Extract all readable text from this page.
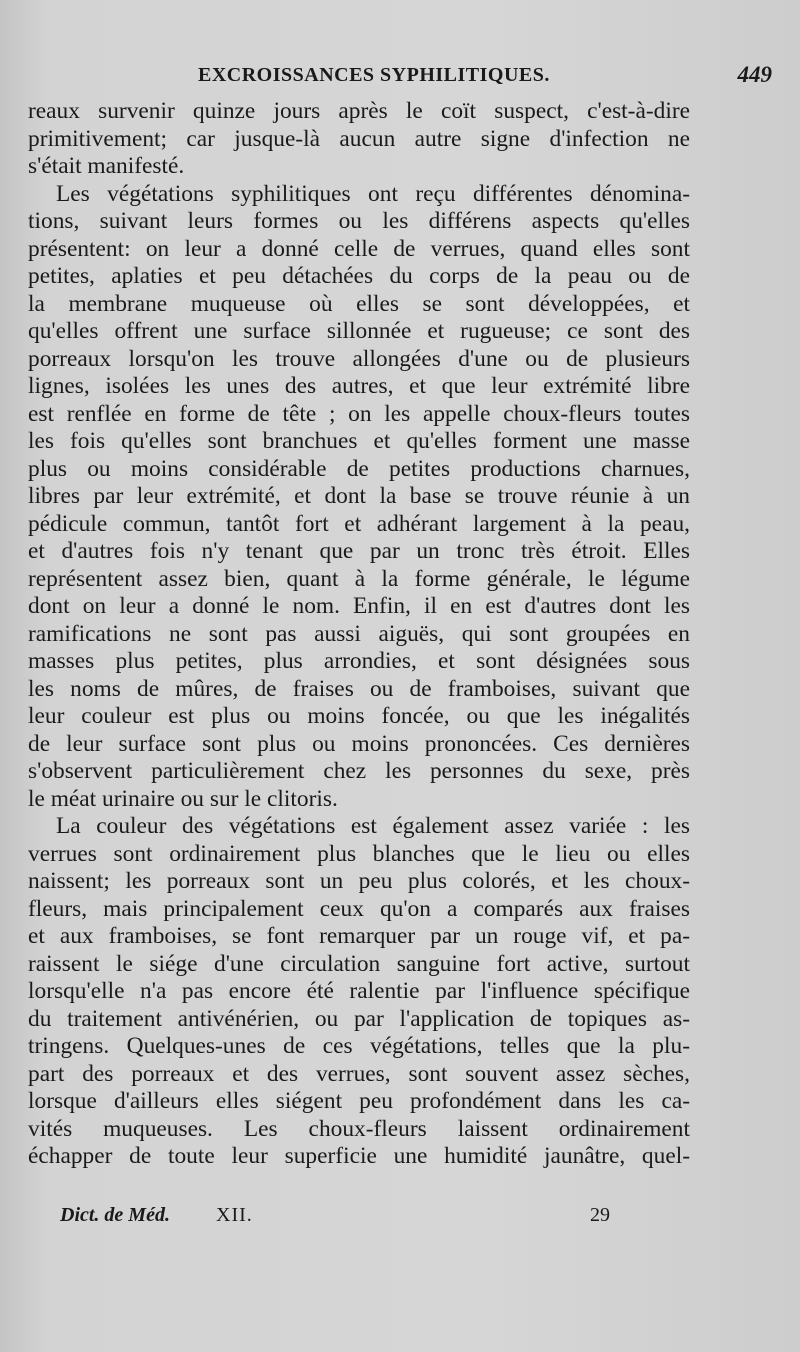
EXCROISSANCES SYPHILITIQUES.	449
reaux survenir quinze jours après le coït suspect, c'est-à-dire
primitivement; car jusque-là aucun autre signe d'infection ne
s'était manifesté.
Les végétations syphilitiques ont reçu différentes dénomina-
tions, suivant leurs formes ou les différens aspects qu'elles
présentent: on leur a donné celle de verrues, quand elles sont
petites, aplaties et peu détachées du corps de la peau ou de
la membrane muqueuse où elles se sont développées, et
qu'elles offrent une surface sillonnée et rugueuse; ce sont des
porreaux lorsqu'on les trouve allongées d'une ou de plusieurs
lignes, isolées les unes des autres, et que leur extrémité libre
est renflée en forme de tête ; on les appelle choux-fleurs toutes
les fois qu'elles sont branchues et qu'elles forment une masse
plus ou moins considérable de petites productions charnues,
libres par leur extrémité, et dont la base se trouve réunie à un
pédicule commun, tantôt fort et adhérant largement à la peau,
et d'autres fois n'y tenant que par un tronc très étroit. Elles
représentent assez bien, quant à la forme générale, le légume
dont on leur a donné le nom. Enfin, il en est d'autres dont les
ramifications ne sont pas aussi aiguës, qui sont groupées en
masses plus petites, plus arrondies, et sont désignées sous
les noms de mûres, de fraises ou de framboises, suivant que
leur couleur est plus ou moins foncée, ou que les inégalités
de leur surface sont plus ou moins prononcées. Ces dernières
s'observent particulièrement chez les personnes du sexe, près
le méat urinaire ou sur le clitoris.
La couleur des végétations est également assez variée : les
verrues sont ordinairement plus blanches que le lieu ou elles
naissent; les porreaux sont un peu plus colorés, et les choux-
fleurs, mais principalement ceux qu'on a comparés aux fraises
et aux framboises, se font remarquer par un rouge vif, et pa-
raissent le siége d'une circulation sanguine fort active, surtout
lorsqu'elle n'a pas encore été ralentie par l'influence spécifique
du traitement antivénérien, ou par l'application de topiques as-
tringens. Quelques-unes de ces végétations, telles que la plu-
part des porreaux et des verrues, sont souvent assez sèches,
lorsque d'ailleurs elles siégent peu profondément dans les ca-
vités muqueuses. Les choux-fleurs laissent ordinairement
échapper de toute leur superficie une humidité jaunâtre, quel-
Dict. de Méd. XII.	29
